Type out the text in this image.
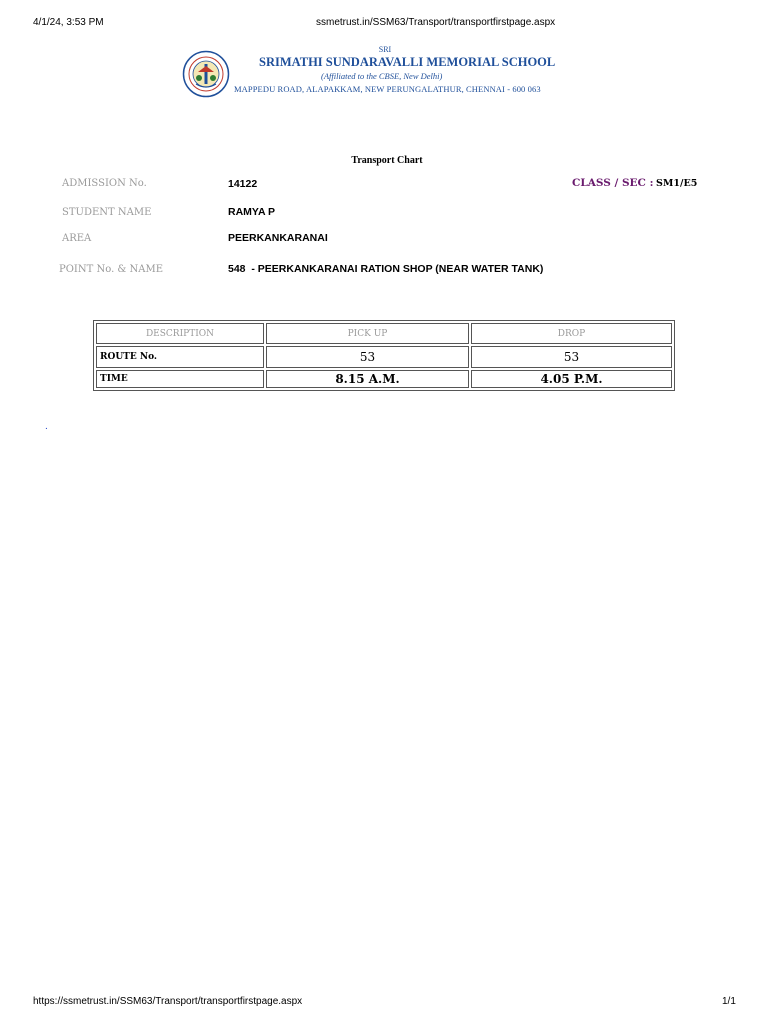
4/1/24, 3:53 PM	ssmetrust.in/SSM63/Transport/transportfirstpage.aspx
SRI
SRIMATHI SUNDARAVALLI MEMORIAL SCHOOL
(Affiliated to the CBSE, New Delhi)
MAPPEDU ROAD, ALAPAKKAM, NEW PERUNGALATHUR, CHENNAI - 600 063
Transport Chart
ADMISSION No.	14122	CLASS / SEC : SM1/E5
STUDENT NAME	RAMYA P
AREA	PEERKANKARANAI
POINT No. & NAME	548  - PEERKANKARANAI RATION SHOP (NEAR WATER TANK)
DESCRIPTION	PICK UP	DROP
ROUTE No.	53	53
TIME	8.15 A.M.	4.05 P.M.
.
https://ssmetrust.in/SSM63/Transport/transportfirstpage.aspx	1/1
